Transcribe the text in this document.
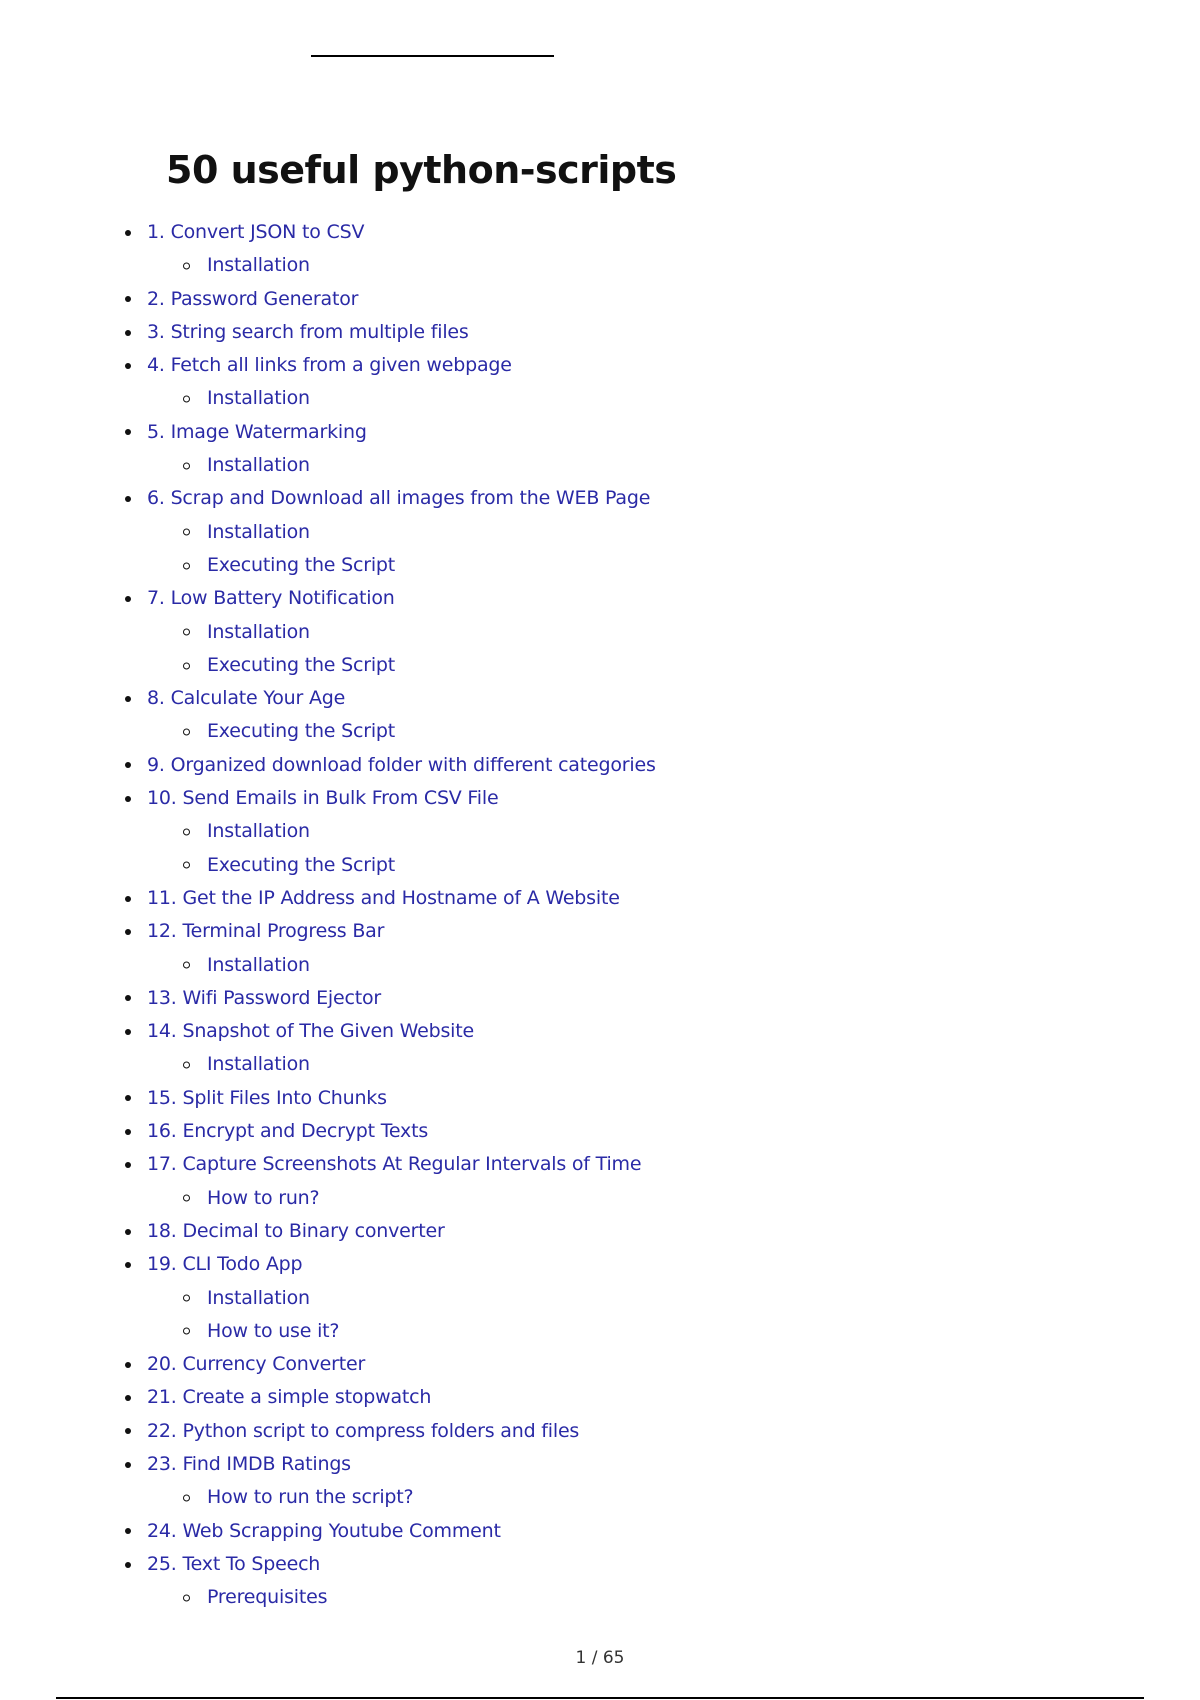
50 useful python-scripts
1. Convert JSON to CSV
Installation
2. Password Generator
3. String search from multiple files
4. Fetch all links from a given webpage
Installation
5. Image Watermarking
Installation
6. Scrap and Download all images from the WEB Page
Installation
Executing the Script
7. Low Battery Notification
Installation
Executing the Script
8. Calculate Your Age
Executing the Script
9. Organized download folder with different categories
10. Send Emails in Bulk From CSV File
Installation
Executing the Script
11. Get the IP Address and Hostname of A Website
12. Terminal Progress Bar
Installation
13. Wifi Password Ejector
14. Snapshot of The Given Website
Installation
15. Split Files Into Chunks
16. Encrypt and Decrypt Texts
17. Capture Screenshots At Regular Intervals of Time
How to run?
18. Decimal to Binary converter
19. CLI Todo App
Installation
How to use it?
20. Currency Converter
21. Create a simple stopwatch
22. Python script to compress folders and files
23. Find IMDB Ratings
How to run the script?
24. Web Scrapping Youtube Comment
25. Text To Speech
Prerequisites
1 / 65
